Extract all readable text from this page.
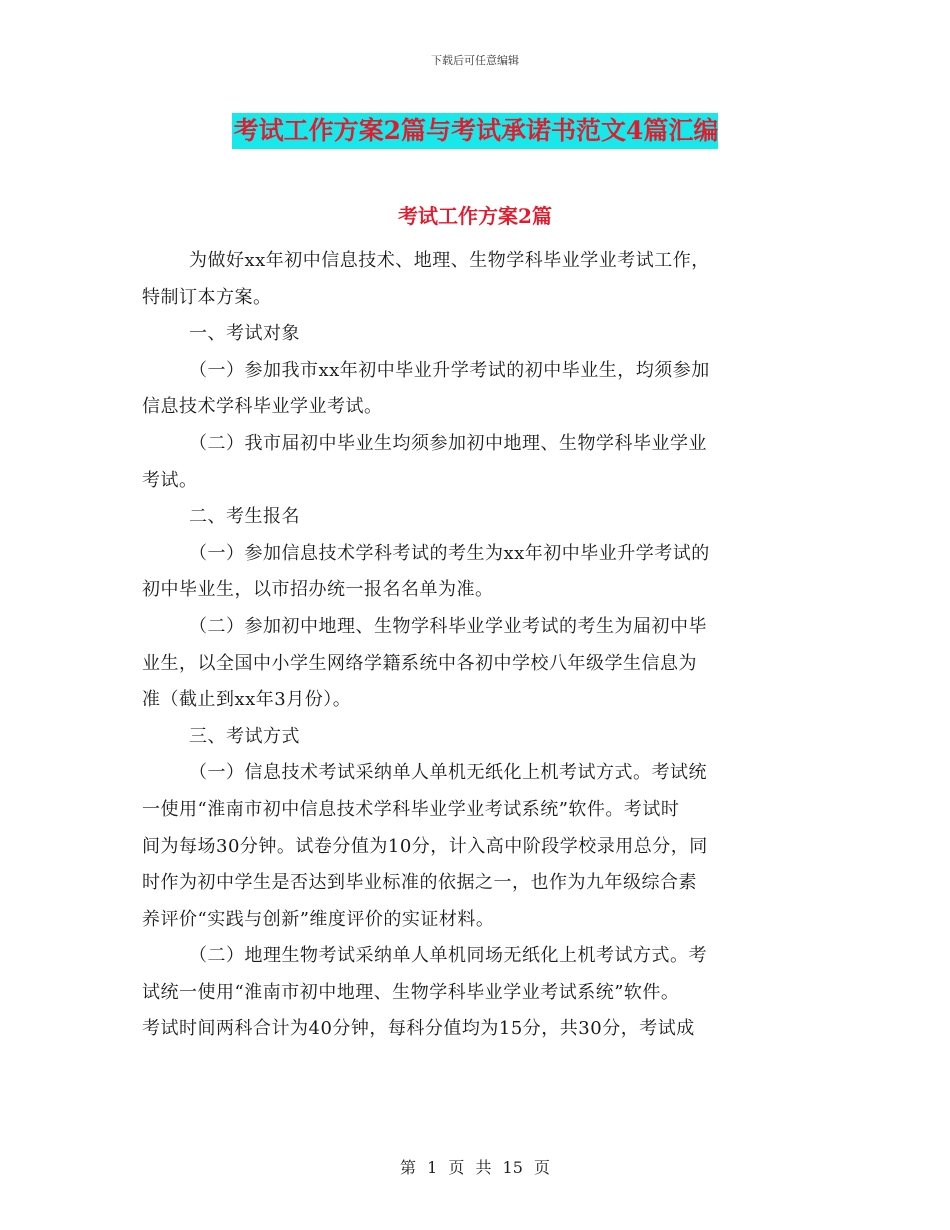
下载后可任意编辑
考试工作方案2篇与考试承诺书范文4篇汇编
考试工作方案2篇
为做好xx年初中信息技术、地理、生物学科毕业学业考试工作，
特制订本方案。
一、考试对象
（一）参加我市xx年初中毕业升学考试的初中毕业生，均须参加
信息技术学科毕业学业考试。
（二）我市届初中毕业生均须参加初中地理、生物学科毕业学业
考试。
二、考生报名
（一）参加信息技术学科考试的考生为xx年初中毕业升学考试的
初中毕业生，以市招办统一报名名单为准。
（二）参加初中地理、生物学科毕业学业考试的考生为届初中毕
业生，以全国中小学生网络学籍系统中各初中学校八年级学生信息为
准（截止到xx年3月份）。
三、考试方式
（一）信息技术考试采纳单人单机无纸化上机考试方式。考试统
一使用“淮南市初中信息技术学科毕业学业考试系统”软件。考试时
间为每场30分钟。试卷分值为10分，计入高中阶段学校录用总分，同
时作为初中学生是否达到毕业标准的依据之一，也作为九年级综合素
养评价“实践与创新”维度评价的实证材料。
（二）地理生物考试采纳单人单机同场无纸化上机考试方式。考
试统一使用“淮南市初中地理、生物学科毕业学业考试系统”软件。
考试时间两科合计为40分钟，每科分值均为15分，共30分，考试成
第 1 页 共 15 页
